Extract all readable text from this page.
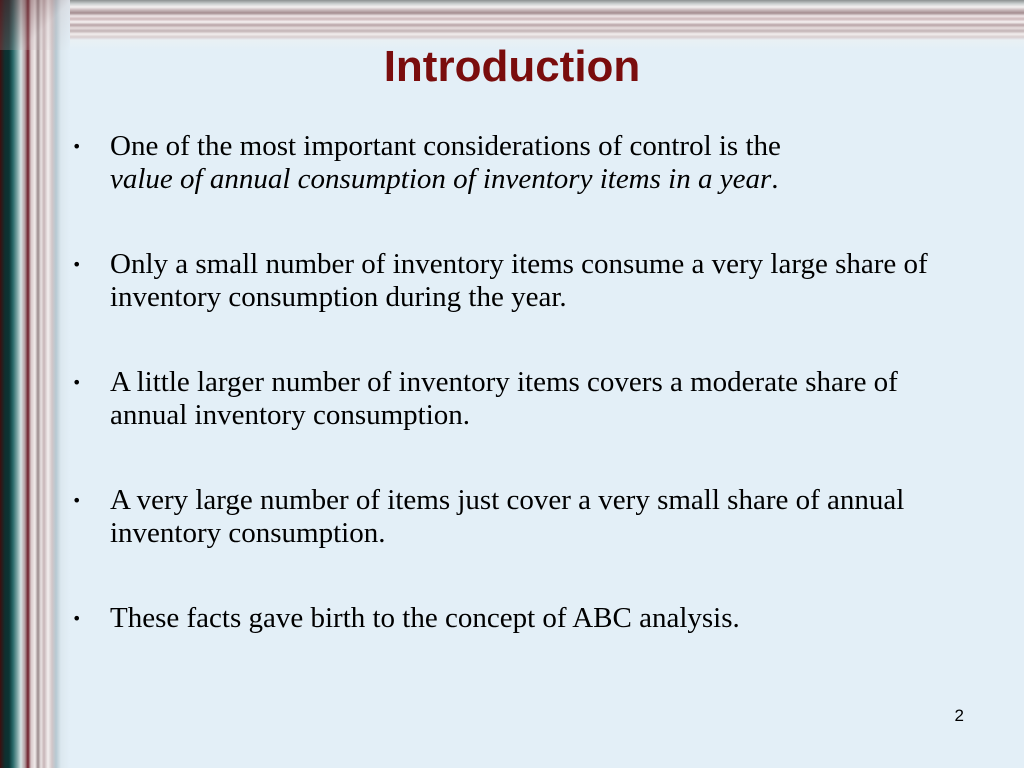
Introduction
• One of the most important considerations of control is the
value of annual consumption of inventory items in a year.
• Only a small number of inventory items consume a very large share of inventory consumption during the year.
• A little larger number of inventory items covers a moderate share of annual inventory consumption.
• A very large number of items just cover a very small share of annual inventory consumption.
• These facts gave birth to the concept of ABC analysis.
2
